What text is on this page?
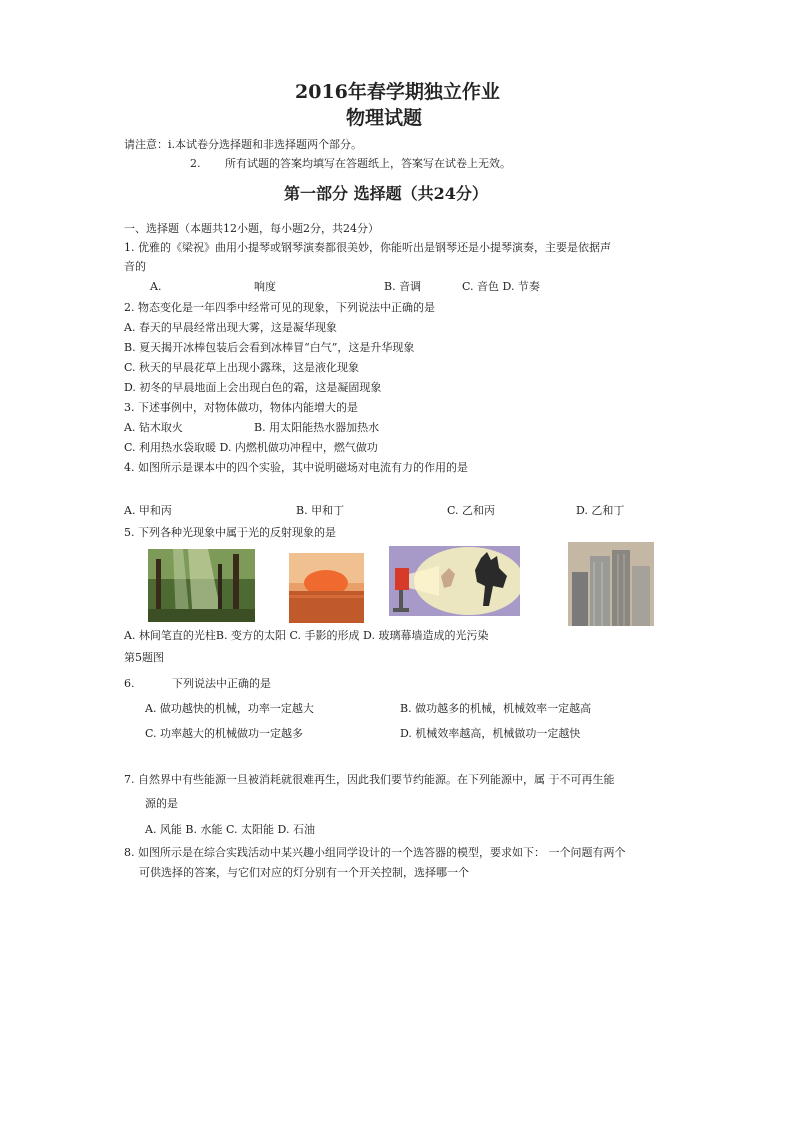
2016年春学期独立作业
物理试题
请注意：i.本试卷分选择题和非选择题两个部分。
2. 所有试题的答案均填写在答题纸上，答案写在试卷上无效。
第一部分 选择题（共24分）
一、选择题（本题共12小题，每小题2分，共24分）
1. 优雅的《梁祝》曲用小提琴或钢琴演奏都很美妙，你能听出是钢琴还是小提琴演奏，主要是依据声
音的
A.	响度	B. 音调	C. 音色 D. 节奏
2. 物态变化是一年四季中经常可见的现象，下列说法中正确的是
A. 春天的早晨经常出现大雾，这是凝华现象
B. 夏天揭开冰棒包装后会看到冰棒冒“白气”，这是升华现象
C. 秋天的早晨花草上出现小露珠，这是液化现象
D. 初冬的早晨地面上会出现白色的霜，这是凝固现象
3. 下述事例中，对物体做功，物体内能增大的是
A. 钻木取火	B. 用太阳能热水器加热水
C. 利用热水袋取暖 D. 内燃机做功冲程中，燃气做功
4. 如图所示是课本中的四个实验，其中说明磁场对电流有力的作用的是
A. 甲和丙	B. 甲和丁	C. 乙和丙	D. 乙和丁
5. 下列各种光现象中属于光的反射现象的是
A. 林间笔直的光柱B. 变方的太阳 C. 手影的形成 D. 玻璃幕墙造成的光污染
第5题图
6.	下列说法中正确的是
A. 做功越快的机械，功率一定越大	B. 做功越多的机械，机械效率一定越高
C. 功率越大的机械做功一定越多	D. 机械效率越高，机械做功一定越快
7. 自然界中有些能源一旦被消耗就很难再生，因此我们要节约能源。在下列能源中，属 于不可再生能
源的是
A. 风能 B. 水能 C. 太阳能 D. 石油
8. 如图所示是在综合实践活动中某兴趣小组同学设计的一个选答器的模型，要求如下： 一个问题有两个
可供选择的答案，与它们对应的灯分别有一个开关控制，选择哪一个
